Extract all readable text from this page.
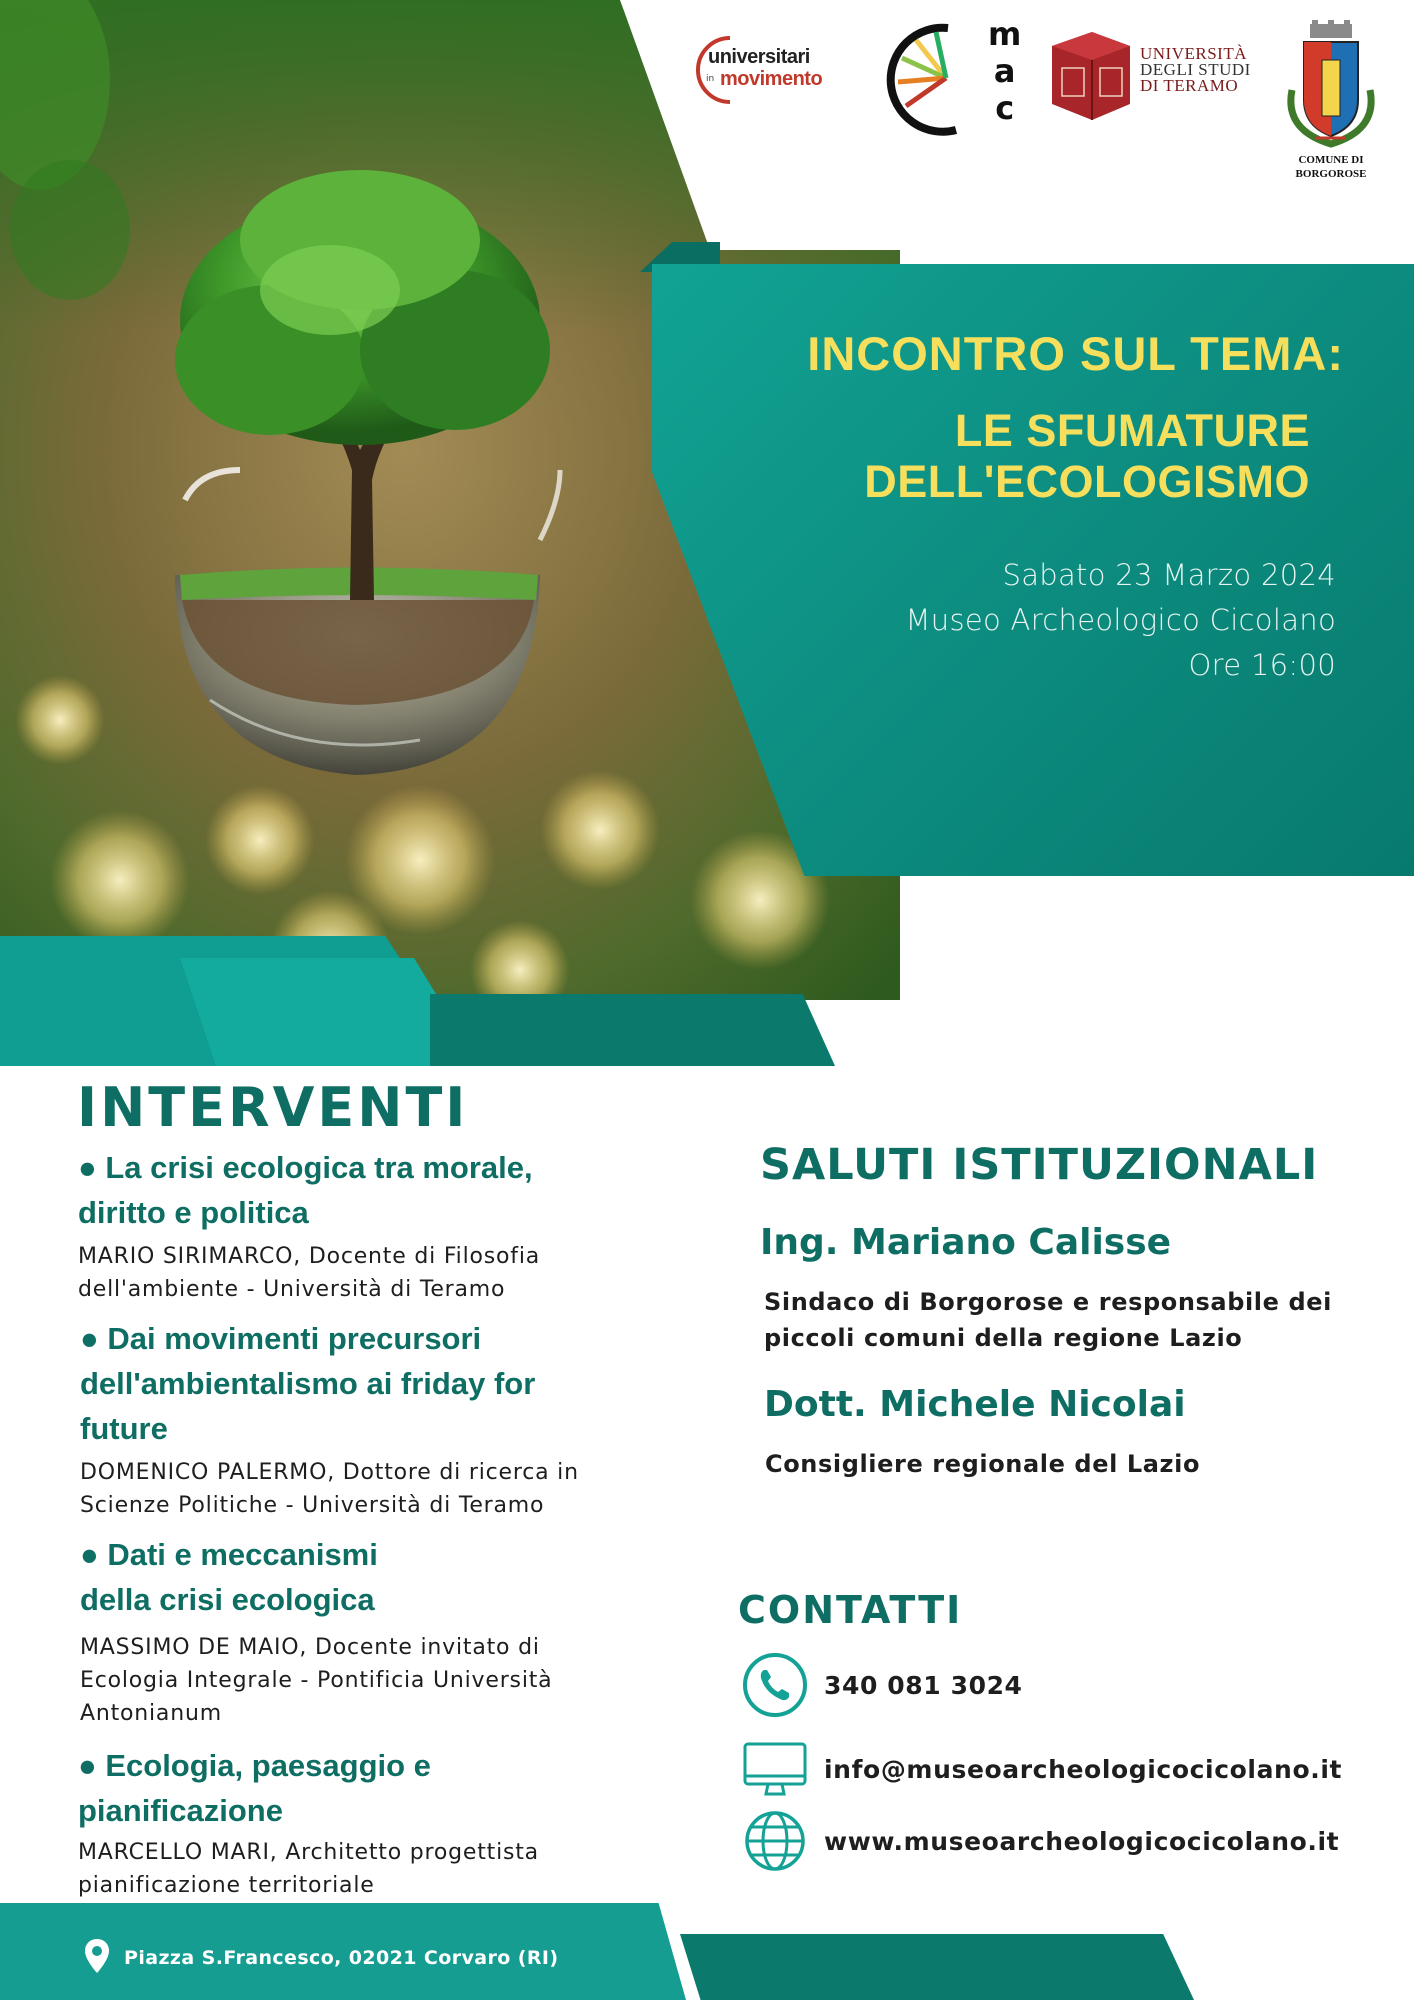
universitari
in movimento
m
a
c
UNIVERSITÀ
DEGLI STUDI
DI TERAMO
COMUNE DI
BORGOROSE
INCONTRO SUL TEMA:
LE SFUMATURE
DELL'ECOLOGISMO
Sabato 23 Marzo 2024
Museo Archeologico Cicolano
Ore 16:00
INTERVENTI
● La crisi ecologica tra morale,
diritto e politica
MARIO SIRIMARCO, Docente di Filosofia
dell'ambiente - Università di Teramo
● Dai movimenti precursori
dell'ambientalismo ai friday for
future
DOMENICO PALERMO, Dottore di ricerca in
Scienze Politiche - Università di Teramo
● Dati e meccanismi
della crisi ecologica
MASSIMO DE MAIO, Docente invitato di
Ecologia Integrale - Pontificia Università
Antonianum
● Ecologia, paesaggio e
pianificazione
MARCELLO MARI, Architetto progettista
pianificazione territoriale
SALUTI ISTITUZIONALI
Ing. Mariano Calisse
Sindaco di Borgorose e responsabile dei
piccoli comuni della regione Lazio
Dott. Michele Nicolai
Consigliere regionale del Lazio
CONTATTI
340 081 3024
info@museoarcheologicocicolano.it
www.museoarcheologicocicolano.it
Piazza S.Francesco, 02021 Corvaro (RI)
